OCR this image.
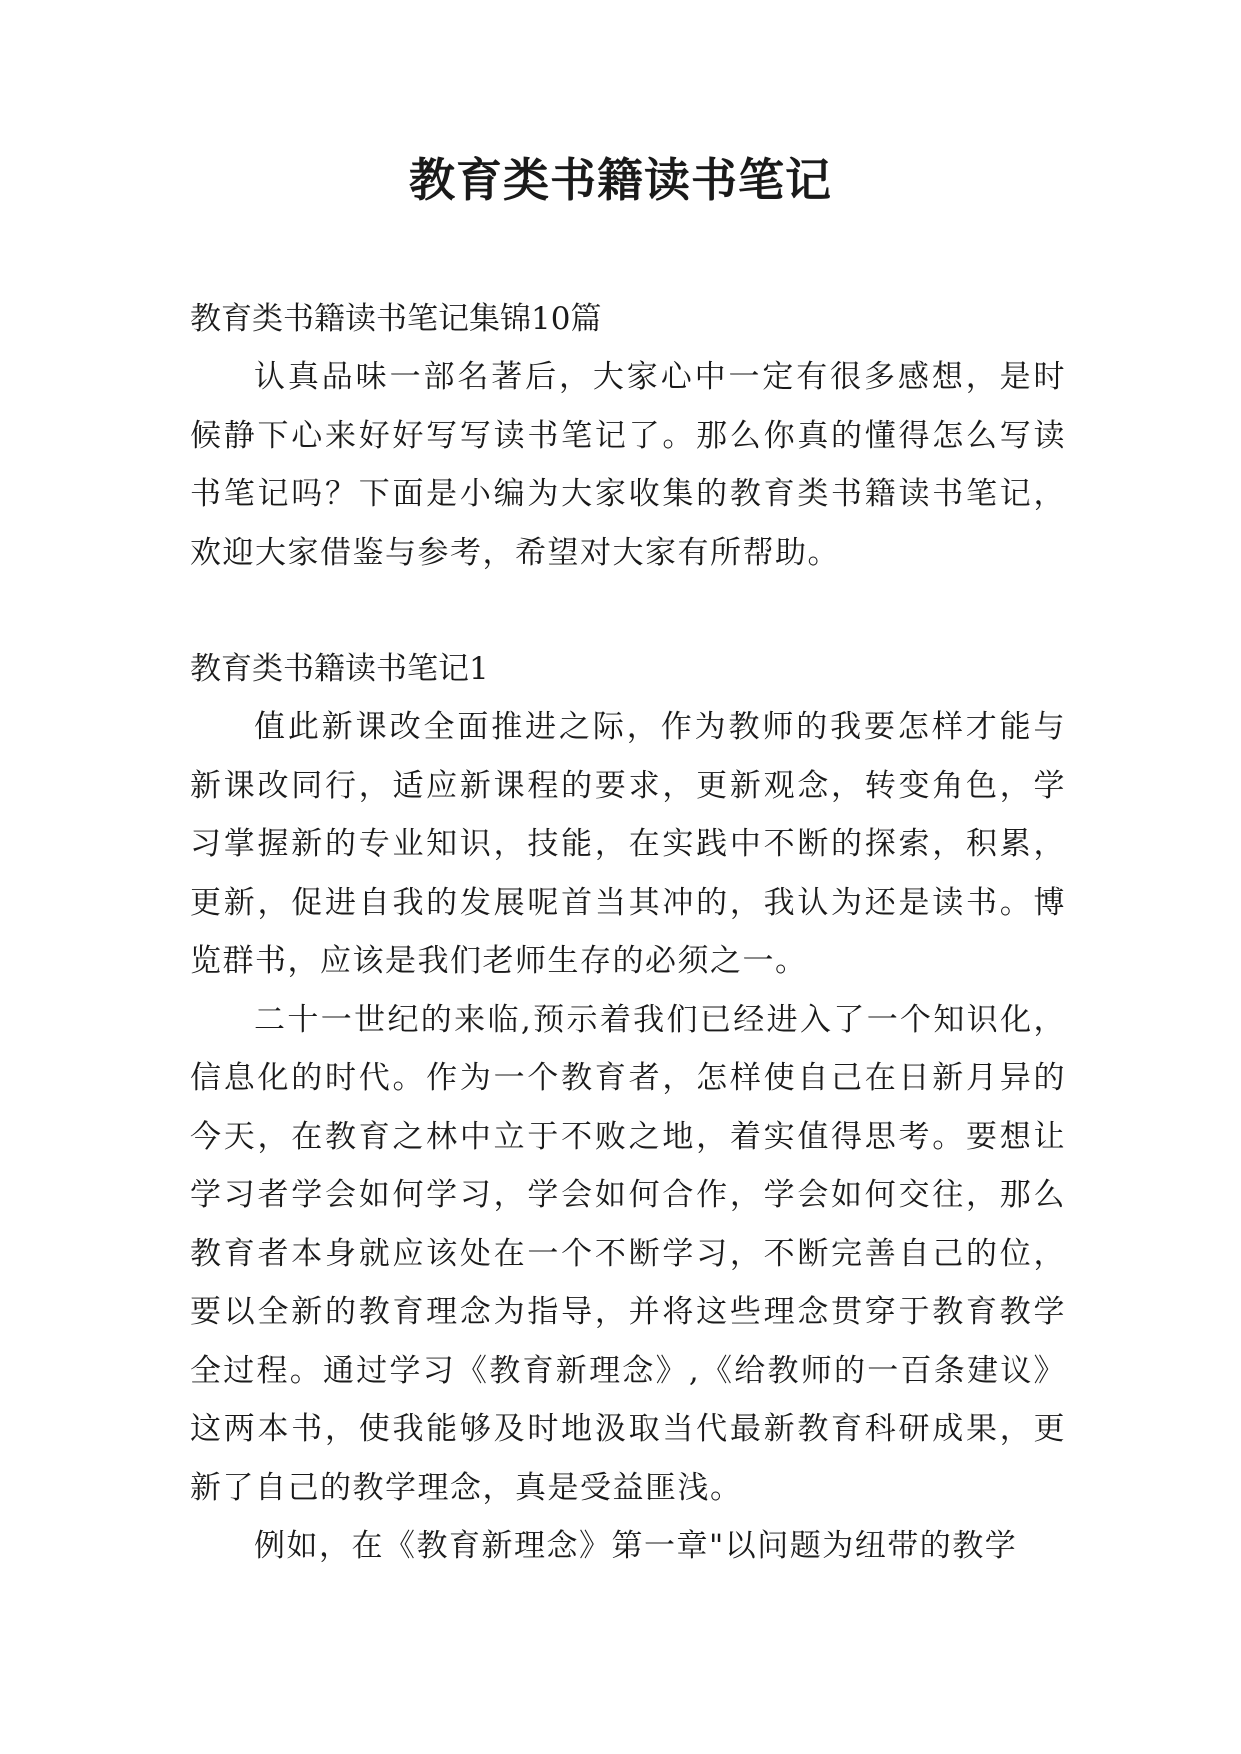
教育类书籍读书笔记

教育类书籍读书笔记集锦10篇

认真品味一部名著后，大家心中一定有很多感想，是时候静下心来好好写写读书笔记了。那么你真的懂得怎么写读书笔记吗？下面是小编为大家收集的教育类书籍读书笔记，欢迎大家借鉴与参考，希望对大家有所帮助。

教育类书籍读书笔记1

值此新课改全面推进之际，作为教师的我要怎样才能与新课改同行，适应新课程的要求，更新观念，转变角色，学习掌握新的专业知识，技能，在实践中不断的探索，积累，更新，促进自我的发展呢首当其冲的，我认为还是读书。博览群书，应该是我们老师生存的必须之一。

二十一世纪的来临,预示着我们已经进入了一个知识化，信息化的时代。作为一个教育者，怎样使自己在日新月异的今天，在教育之林中立于不败之地，着实值得思考。要想让学习者学会如何学习，学会如何合作，学会如何交往，那么教育者本身就应该处在一个不断学习，不断完善自己的位，要以全新的教育理念为指导，并将这些理念贯穿于教育教学全过程。通过学习《教育新理念》,《给教师的一百条建议》这两本书，使我能够及时地汲取当代最新教育科研成果，更新了自己的教学理念，真是受益匪浅。

例如，在《教育新理念》第一章"以问题为纽带的教学
